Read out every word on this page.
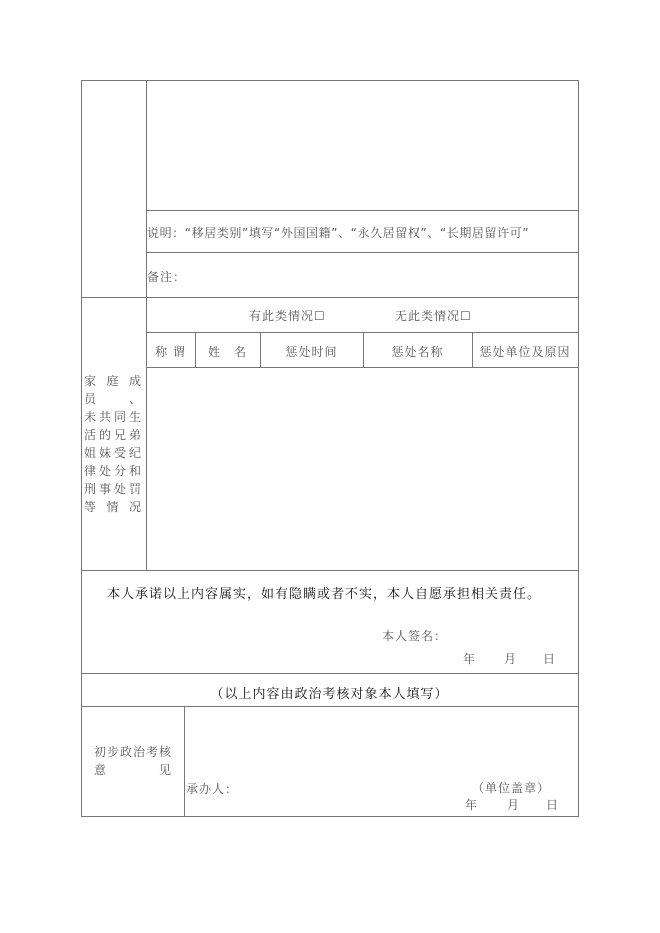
说明：“移居类别”填写“外国国籍”、“永久居留权”、“长期居留许可”
备注：
家庭成员、
未共同生
活的兄弟
姐妹受纪
律处分和
刑事处罚
等 情 况
有此类情况☐	无此类情况☐
称 谓	姓　名	惩处时间	惩处名称	惩处单位及原因
本人承诺以上内容属实，如有隐瞒或者不实，本人自愿承担相关责任。
本人签名：
年 月 日
（以上内容由政治考核对象本人填写）
初步政治考核
意　　　　见
承办人：	（单位盖章）
年 月 日
